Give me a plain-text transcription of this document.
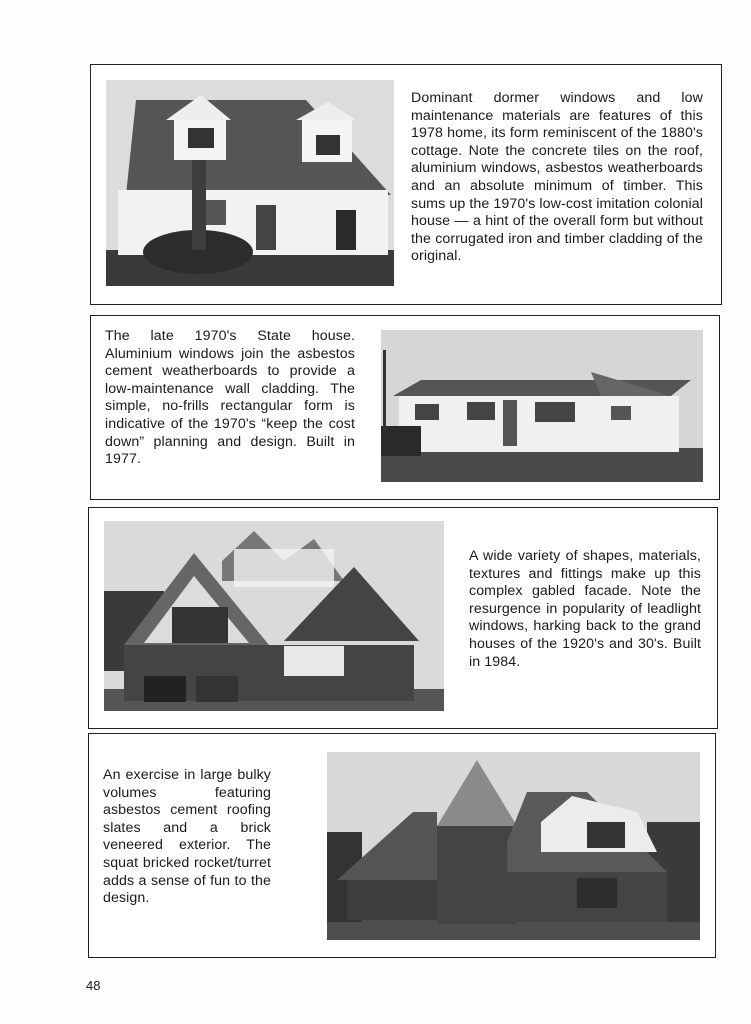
Dominant dormer windows and low maintenance materials are features of this 1978 home, its form reminiscent of the 1880's cottage. Note the concrete tiles on the roof, aluminium windows, asbestos weatherboards and an absolute minimum of timber. This sums up the 1970's low-cost imitation colonial house — a hint of the overall form but without the corrugated iron and timber cladding of the original.
The late 1970's State house. Aluminium windows join the asbestos cement weatherboards to provide a low-maintenance wall cladding. The simple, no-frills rectangular form is indicative of the 1970's “keep the cost down” planning and design. Built in 1977.
A wide variety of shapes, materials, textures and fittings make up this complex gabled facade. Note the resurgence in popularity of leadlight windows, harking back to the grand houses of the 1920's and 30's. Built in 1984.
An exercise in large bulky volumes featuring asbestos cement roofing slates and a brick veneered exterior. The squat bricked rocket/turret adds a sense of fun to the design.
48
